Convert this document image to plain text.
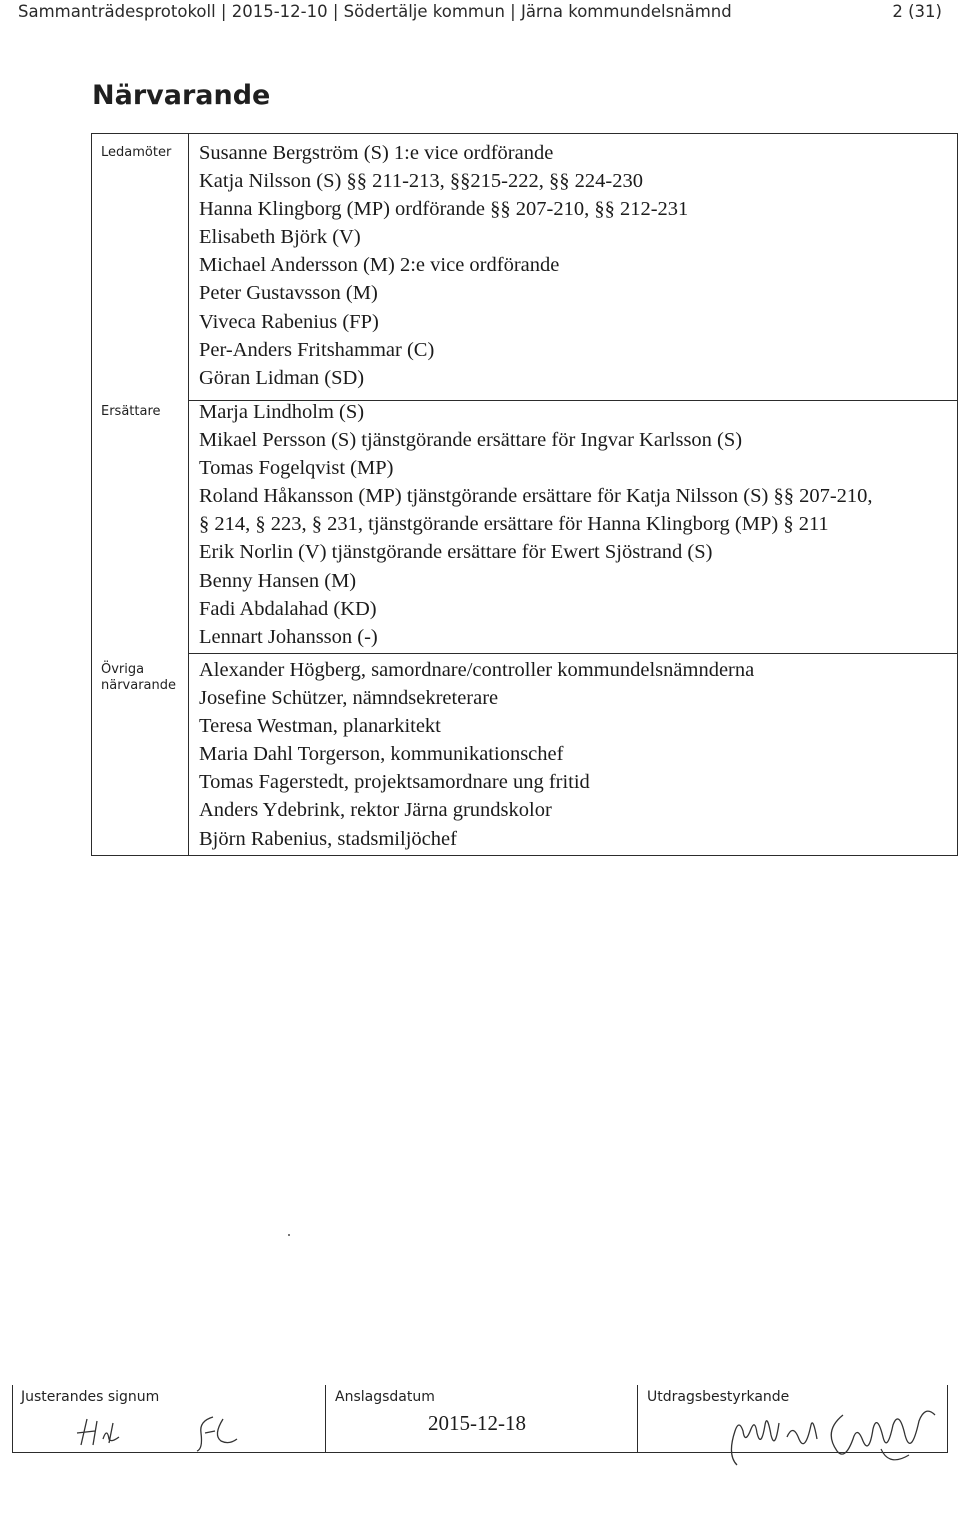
Sammanträdesprotokoll | 2015-12-10 | Södertälje kommun | Järna kommundelsnämnd	2 (31)
Närvarande
Ledamöter Susanne Bergström (S) 1:e vice ordförande
Katja Nilsson (S) §§ 211-213, §§215-222, §§ 224-230
Hanna Klingborg (MP) ordförande §§ 207-210, §§ 212-231
Elisabeth Björk (V)
Michael Andersson (M) 2:e vice ordförande
Peter Gustavsson (M)
Viveca Rabenius (FP)
Per-Anders Fritshammar (C)
Göran Lidman (SD)
Ersättare Marja Lindholm (S)
Mikael Persson (S) tjänstgörande ersättare för Ingvar Karlsson (S)
Tomas Fogelqvist (MP)
Roland Håkansson (MP) tjänstgörande ersättare för Katja Nilsson (S) §§ 207-210,
§ 214, § 223, § 231, tjänstgörande ersättare för Hanna Klingborg (MP) § 211
Erik Norlin (V) tjänstgörande ersättare för Ewert Sjöstrand (S)
Benny Hansen (M)
Fadi Abdalahad (KD)
Lennart Johansson (-)
Övriga
närvarande
Alexander Högberg, samordnare/controller kommundelsnämnderna
Josefine Schützer, nämndsekreterare
Teresa Westman, planarkitekt
Maria Dahl Torgerson, kommunikationschef
Tomas Fagerstedt, projektsamordnare ung fritid
Anders Ydebrink, rektor Järna grundskolor
Björn Rabenius, stadsmiljöchef
Justerandes signum	Anslagsdatum
2015-12-18
Utdragsbestyrkande
